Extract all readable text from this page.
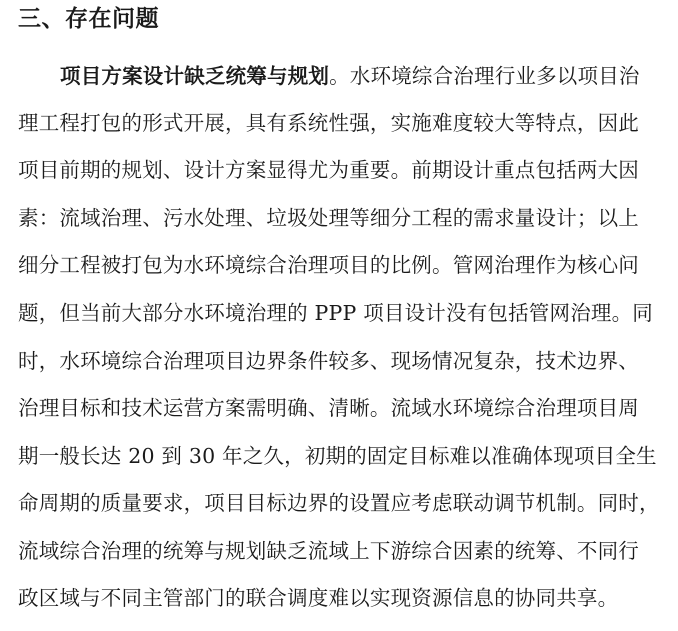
三、存在问题
项目方案设计缺乏统筹与规划。水环境综合治理行业多以项目治
理工程打包的形式开展，具有系统性强，实施难度较大等特点，因此
项目前期的规划、设计方案显得尤为重要。前期设计重点包括两大因
素：流域治理、污水处理、垃圾处理等细分工程的需求量设计；以上
细分工程被打包为水环境综合治理项目的比例。管网治理作为核心问
题，但当前大部分水环境治理的 PPP 项目设计没有包括管网治理。同
时，水环境综合治理项目边界条件较多、现场情况复杂，技术边界、
治理目标和技术运营方案需明确、清晰。流域水环境综合治理项目周
期一般长达 20 到 30 年之久，初期的固定目标难以准确体现项目全生
命周期的质量要求，项目目标边界的设置应考虑联动调节机制。同时，
流域综合治理的统筹与规划缺乏流域上下游综合因素的统筹、不同行
政区域与不同主管部门的联合调度难以实现资源信息的协同共享。
